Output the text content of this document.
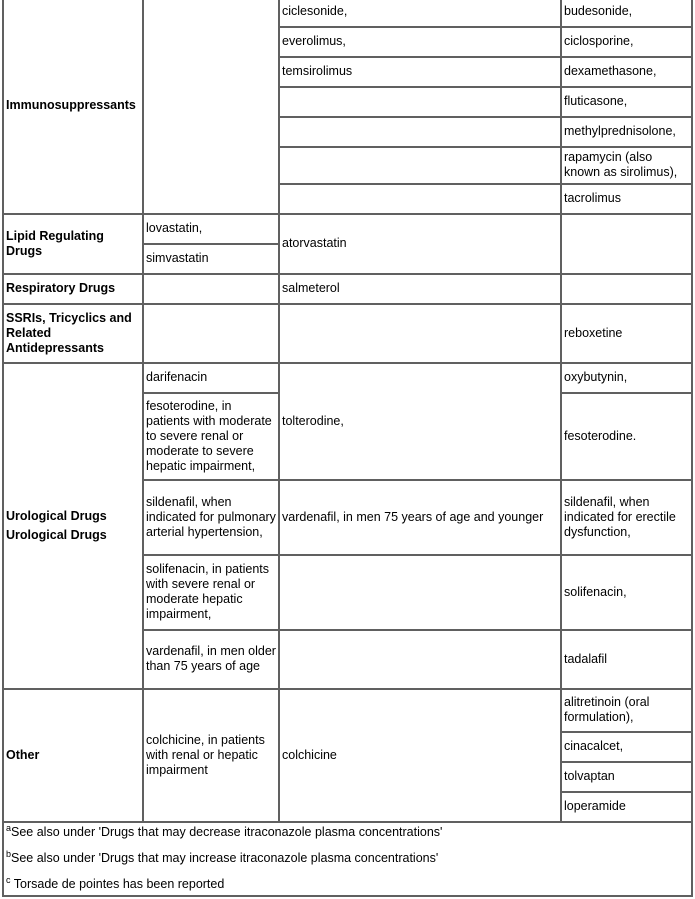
Immunosuppressants		ciclesonide,	budesonide,
		everolimus,	ciclosporine,
		temsirolimus	dexamethasone,
			fluticasone,
			methylprednisolone,
			rapamycin (also known as sirolimus),
			tacrolimus
Lipid Regulating Drugs	lovastatin,	atorvastatin	
	simvastatin		
Respiratory Drugs		salmeterol	
SSRIs, Tricyclics and Related Antidepressants			reboxetine

Urological Drugs
Urological Drugs	darifenacin	tolterodine,	oxybutynin,
	fesoterodine, in patients with moderate to severe renal or moderate to severe hepatic impairment,		fesoterodine.
	sildenafil, when indicated for pulmonary arterial hypertension,	vardenafil, in men 75 years of age and younger	sildenafil, when indicated for erectile dysfunction,
	solifenacin, in patients with severe renal or moderate hepatic impairment,		solifenacin,
	vardenafil, in men older than 75 years of age		tadalafil
Other	colchicine, in patients with renal or hepatic impairment	colchicine	alitretinoin (oral formulation),
			cinacalcet,
			tolvaptan
			loperamide

$^a$See also under 'Drugs that may decrease itraconazole plasma concentrations'
$^b$See also under 'Drugs that may increase itraconazole plasma concentrations'
$^c$ Torsade de pointes has been reported			
